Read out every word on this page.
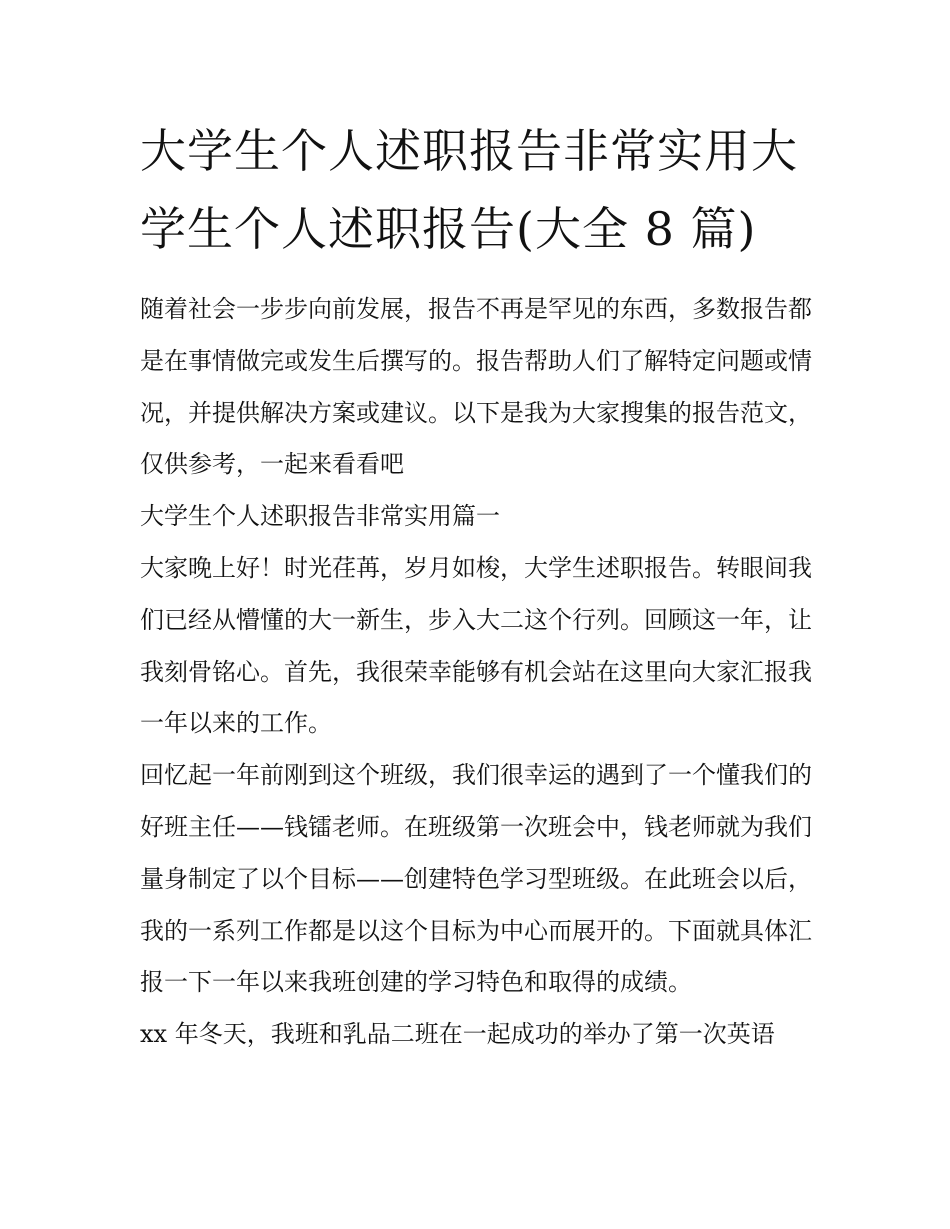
大学生个人述职报告非常实用大学生个人述职报告(大全 8 篇)

随着社会一步步向前发展，报告不再是罕见的东西，多数报告都是在事情做完或发生后撰写的。报告帮助人们了解特定问题或情况，并提供解决方案或建议。以下是我为大家搜集的报告范文，仅供参考，一起来看看吧

大学生个人述职报告非常实用篇一

大家晚上好！时光荏苒，岁月如梭，大学生述职报告。转眼间我们已经从懵懂的大一新生，步入大二这个行列。回顾这一年，让我刻骨铭心。首先，我很荣幸能够有机会站在这里向大家汇报我一年以来的工作。

回忆起一年前刚到这个班级，我们很幸运的遇到了一个懂我们的好班主任——钱镭老师。在班级第一次班会中，钱老师就为我们量身制定了以个目标——创建特色学习型班级。在此班会以后，我的一系列工作都是以这个目标为中心而展开的。下面就具体汇报一下一年以来我班创建的学习特色和取得的成绩。

xx 年冬天，我班和乳品二班在一起成功的举办了第一次英语
